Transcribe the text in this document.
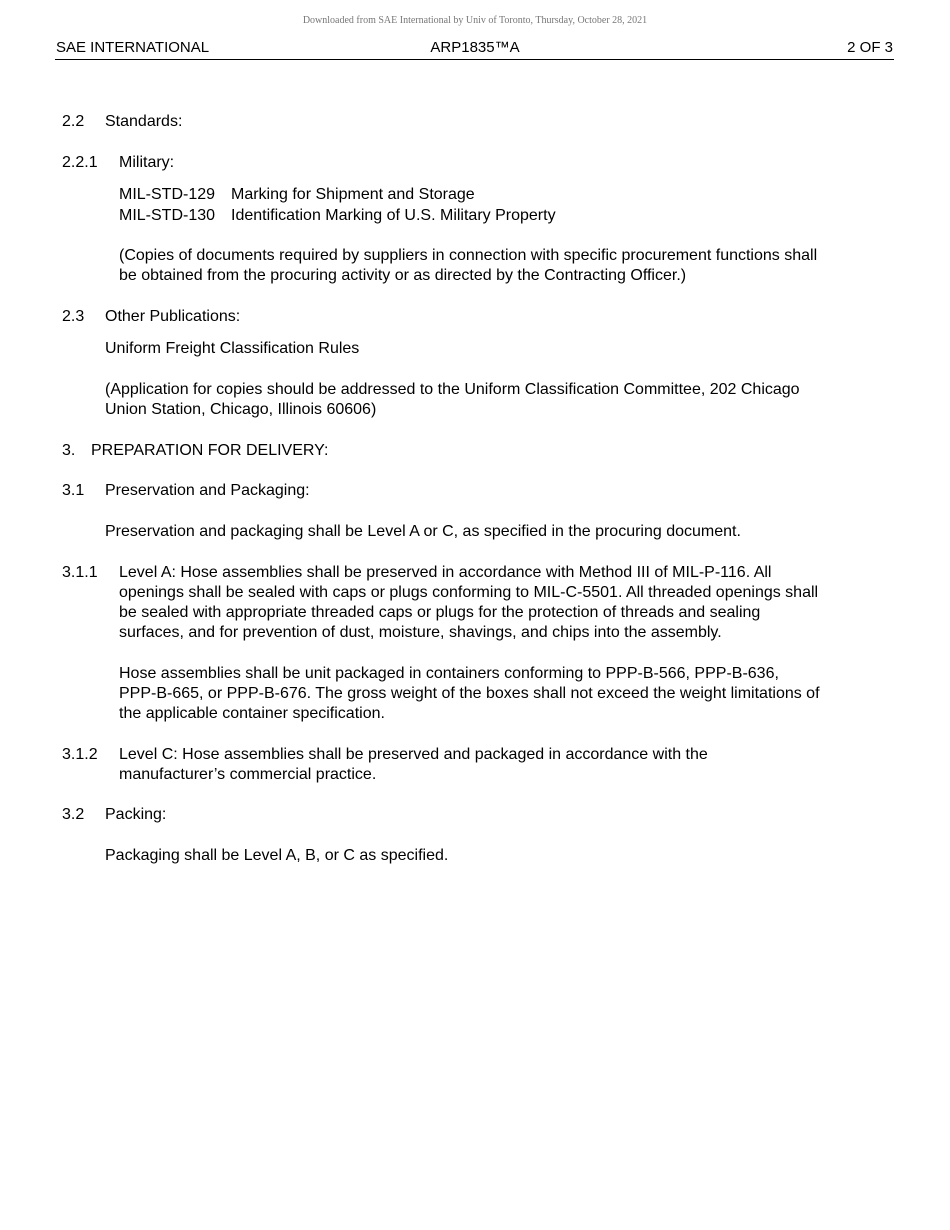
Downloaded from SAE International by Univ of Toronto, Thursday, October 28, 2021
SAE INTERNATIONAL	ARP1835™A	2 OF 3
2.2 Standards:
2.2.1 Military:
MIL-STD-129 Marking for Shipment and Storage
MIL-STD-130 Identification Marking of U.S. Military Property
(Copies of documents required by suppliers in connection with specific procurement functions shall
be obtained from the procuring activity or as directed by the Contracting Officer.)
2.3 Other Publications:
Uniform Freight Classification Rules
(Application for copies should be addressed to the Uniform Classification Committee, 202 Chicago
Union Station, Chicago, Illinois 60606)
3. PREPARATION FOR DELIVERY:
3.1 Preservation and Packaging:
Preservation and packaging shall be Level A or C, as specified in the procuring document.
3.1.1 Level A: Hose assemblies shall be preserved in accordance with Method III of MIL-P-116. All
openings shall be sealed with caps or plugs conforming to MIL-C-5501. All threaded openings shall
be sealed with appropriate threaded caps or plugs for the protection of threads and sealing
surfaces, and for prevention of dust, moisture, shavings, and chips into the assembly.
Hose assemblies shall be unit packaged in containers conforming to PPP-B-566, PPP-B-636,
PPP-B-665, or PPP-B-676. The gross weight of the boxes shall not exceed the weight limitations of
the applicable container specification.
3.1.2 Level C: Hose assemblies shall be preserved and packaged in accordance with the
manufacturer’s commercial practice.
3.2 Packing:
Packaging shall be Level A, B, or C as specified.
